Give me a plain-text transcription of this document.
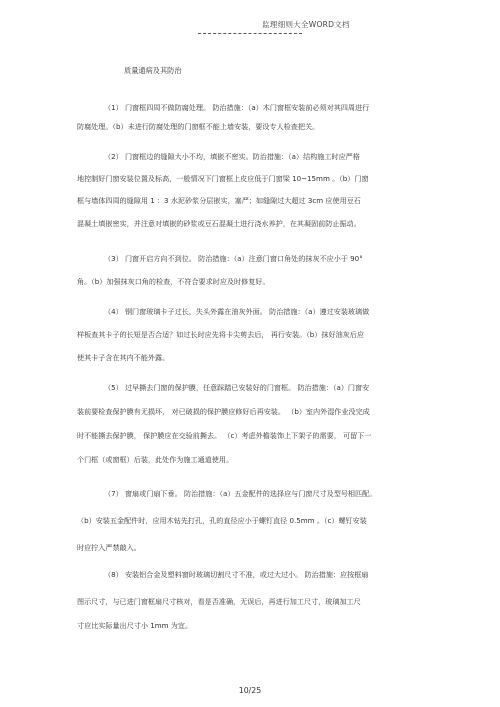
监理细则大全WORD文档
质量通病及其防治
（1） 门窗框四周不做防腐处理。 防治措施：（a）木门窗框安装前必须对其四周进行
防腐处理。（b）未进行防腐处理的门窗框不能上墙安装，要设专人检查把关。
（2） 门窗框边的缝隙大小不均，填嵌不密实。防治措施：（a）结构施工时应严格
地控制好门窗安装位置及标高，一般情况下门窗框上皮应低于门窗梁 10~15mm 。（b）门窗
框与墙体四周的缝隙用 1 ：3 水泥砂浆分层嵌实，塞严；如缝隙过大超过 3cm 应使用豆石
混凝土填嵌密实，并注意对填嵌的砂浆或豆石混凝土进行浇水养护，在其凝固前防止振动。
（3） 门窗开启方向不到位。 防治措施：（a）注意门窗口角处的抹灰不应小于 90°
角。（b）加强抹灰口角的检查，不符合要求时应及时修复好。
（4） 钢门窗玻璃卡子过长，失头外露在油灰外面。 防治措施：（a）遵过安装玻璃做
样板查其卡子的长短是否合适？如过长时应先将卡尖剪去后， 再行安装。（b）抹好油灰后应
使其卡子含在其内不能外露。
（5） 过早撕去门窗的保护膜，任意踩踏已安装好的门窗框。 防治措施：（a）门窗安
装前要检查保护膜有无损坏， 对已破损的保护膜应修好后再安装。 （b）室内外湿作业没完成
时不能撕去保护膜， 保护膜应在交验前撕去。 （c）考虑外檐装饰上下架子的需要， 可留下一
个门框（或窗框）后装，此处作为施工通道使用。
（7） 窗扇或门扇下垂。 防治措施：（a）五金配件的选择应与门窗尺寸及型号相匹配。
（b）安装五金配件时，应用木钻先打孔，孔的直径应小于螺钉直径 0.5mm 。（c）螺钉安装
时应拧入严禁敲入。
（8） 安装铝合金及塑料窗时玻璃切割尺寸不准，或过大过小。 防治措施：应按框扇
图示尺寸，与已进门窗框扇尺寸核对，看是否准确，无误后，再进行加工尺寸，玻璃加工尺
寸应比实际量出尺寸小 1mm 为宜。
10/25
